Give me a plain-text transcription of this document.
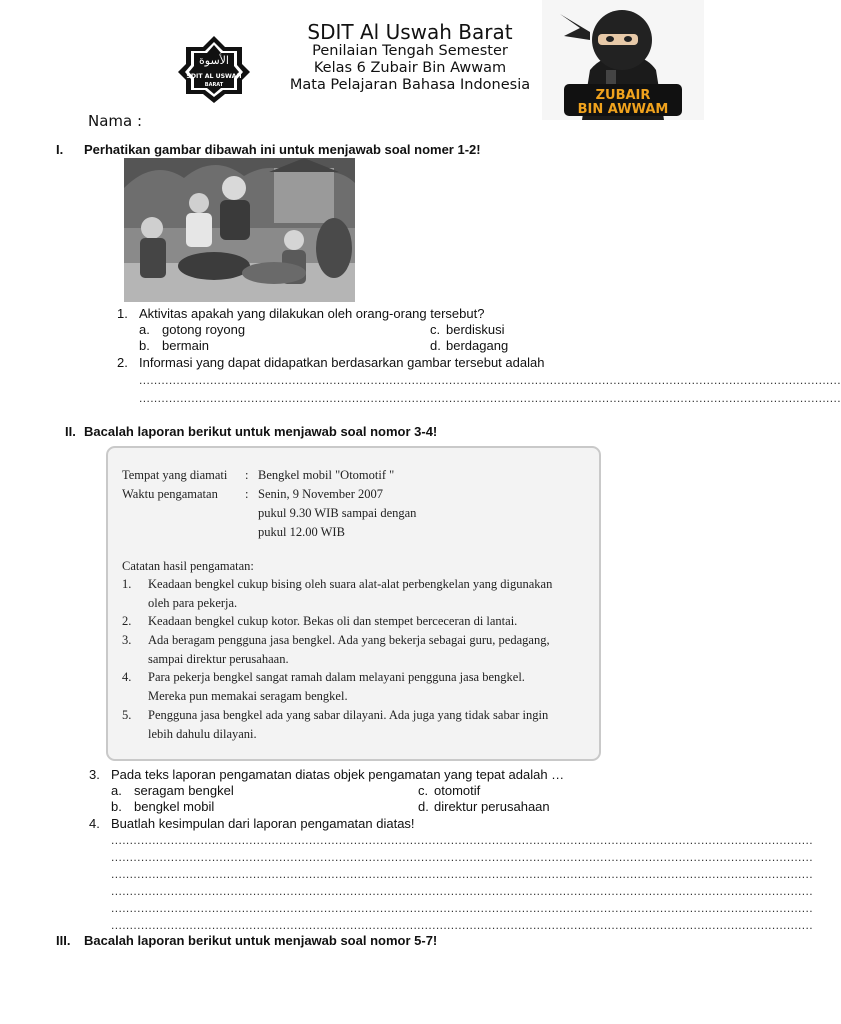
الأسوة
SDIT AL USWAH
BARAT
SDIT Al Uswah Barat
Penilaian Tengah Semester
Kelas 6 Zubair Bin Awwam
Mata Pelajaran Bahasa Indonesia
ZUBAIR
BIN AWWAM
Nama :
I. Perhatikan gambar dibawah ini untuk menjawab soal nomer 1-2!
1. Aktivitas apakah yang dilakukan oleh orang-orang tersebut?
a. gotong royong	c. berdiskusi
b. bermain	d. berdagang
2. Informasi yang dapat didapatkan berdasarkan gambar tersebut adalah
............................................................................................................................................................................................
............................................................................................................................................................................................
II. Bacalah laporan berikut untuk menjawab soal nomor 3-4!
Tempat yang diamati : Bengkel mobil "Otomotif "
Waktu pengamatan : Senin, 9 November 2007
pukul 9.30 WIB sampai dengan
pukul 12.00 WIB
Catatan hasil pengamatan:
1. Keadaan bengkel cukup bising oleh suara alat-alat perbengkelan yang digunakan
oleh para pekerja.
2. Keadaan bengkel cukup kotor. Bekas oli dan stempet berceceran di lantai.
3. Ada beragam pengguna jasa bengkel. Ada yang bekerja sebagai guru, pedagang,
sampai direktur perusahaan.
4. Para pekerja bengkel sangat ramah dalam melayani pengguna jasa bengkel.
Mereka pun memakai seragam bengkel.
5. Pengguna jasa bengkel ada yang sabar dilayani. Ada juga yang tidak sabar ingin
lebih dahulu dilayani.
3. Pada teks laporan pengamatan diatas objek pengamatan yang tepat adalah …
a. seragam bengkel	c. otomotif
b. bengkel mobil	d. direktur perusahaan
4. Buatlah kesimpulan dari laporan pengamatan diatas!
............................................................................................................................................................................................
............................................................................................................................................................................................
............................................................................................................................................................................................
............................................................................................................................................................................................
............................................................................................................................................................................................
............................................................................................................................................................................................
III. Bacalah laporan berikut untuk menjawab soal nomor 5-7!
